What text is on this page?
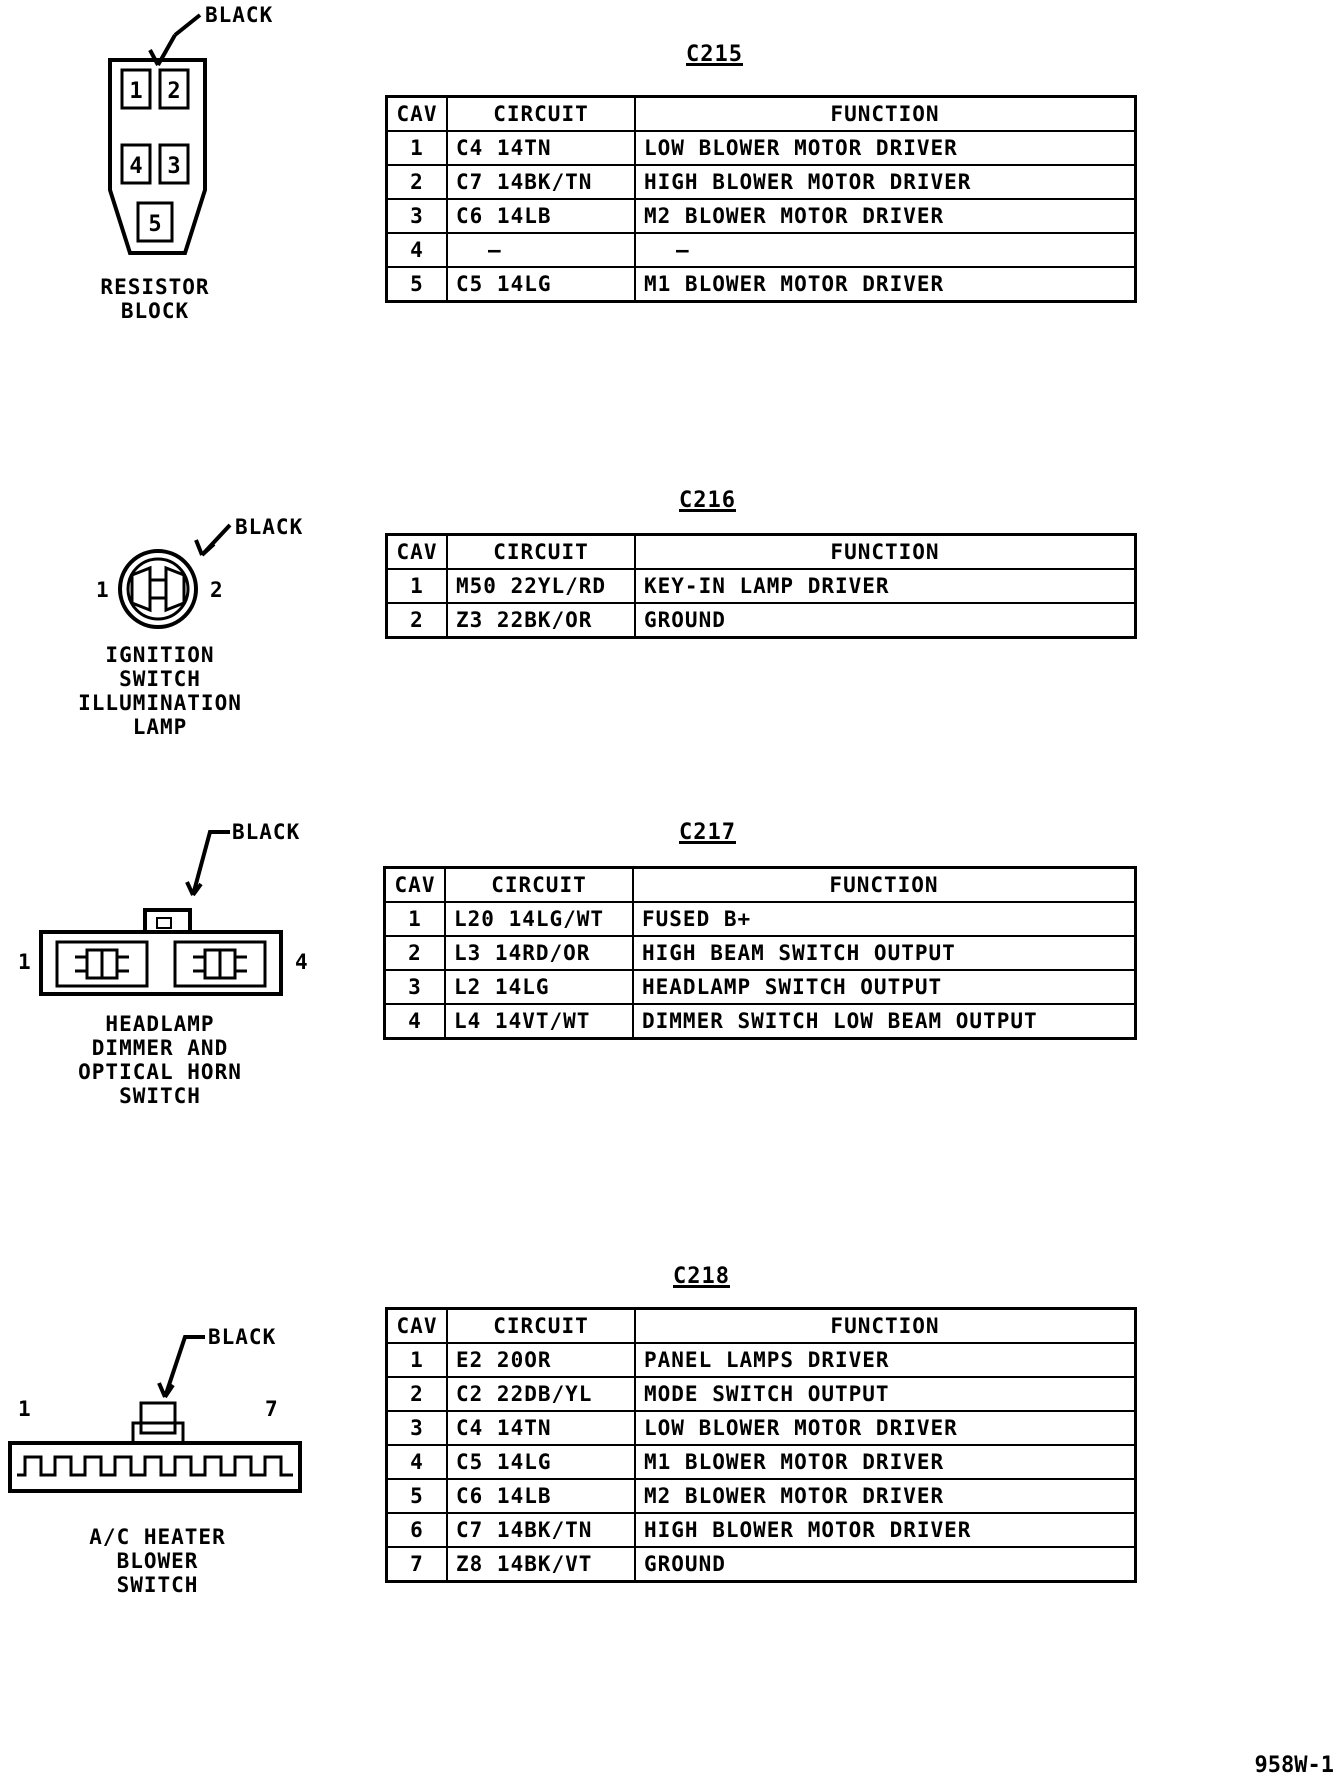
BLACK
1 2
4 3
5
RESISTOR
BLOCK
C215
CAV	CIRCUIT	FUNCTION
1	C4 14TN	LOW BLOWER MOTOR DRIVER
2	C7 14BK/TN	HIGH BLOWER MOTOR DRIVER
3	C6 14LB	M2 BLOWER MOTOR DRIVER
4	—	—
5	C5 14LG	M1 BLOWER MOTOR DRIVER
BLACK
1	2
IGNITION
SWITCH
ILLUMINATION
LAMP
C216
CAV	CIRCUIT	FUNCTION
1	M50 22YL/RD	KEY-IN LAMP DRIVER
2	Z3 22BK/OR	GROUND
BLACK
1	4
HEADLAMP
DIMMER AND
OPTICAL HORN
SWITCH
C217
CAV	CIRCUIT	FUNCTION
1	L20 14LG/WT	FUSED B+
2	L3 14RD/OR	HIGH BEAM SWITCH OUTPUT
3	L2 14LG	HEADLAMP SWITCH OUTPUT
4	L4 14VT/WT	DIMMER SWITCH LOW BEAM OUTPUT
BLACK
1	7
A/C HEATER
BLOWER
SWITCH
C218
CAV	CIRCUIT	FUNCTION
1	E2 20OR	PANEL LAMPS DRIVER
2	C2 22DB/YL	MODE SWITCH OUTPUT
3	C4 14TN	LOW BLOWER MOTOR DRIVER
4	C5 14LG	M1 BLOWER MOTOR DRIVER
5	C6 14LB	M2 BLOWER MOTOR DRIVER
6	C7 14BK/TN	HIGH BLOWER MOTOR DRIVER
7	Z8 14BK/VT	GROUND
958W-1
